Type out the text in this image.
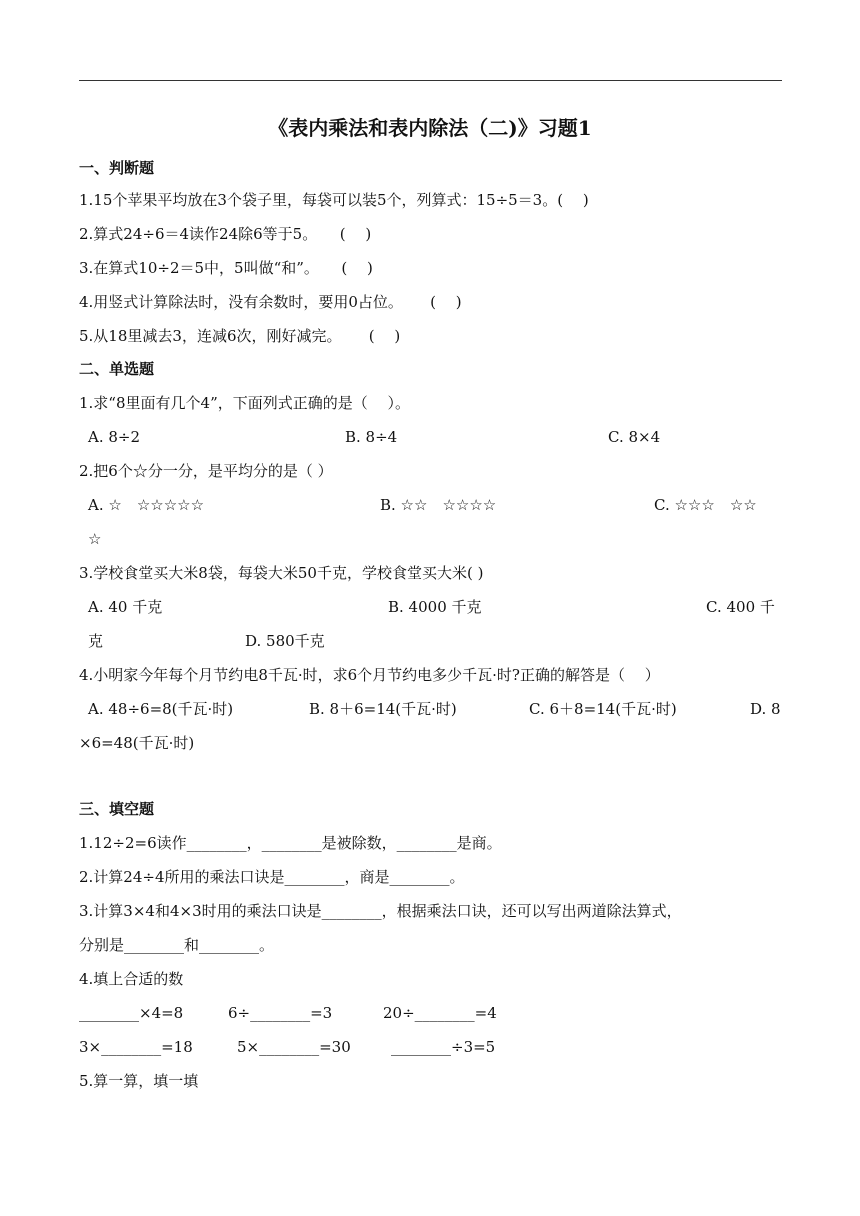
《表内乘法和表内除法（二)》习题1
一、判断题
1.15个苹果平均放在3个袋子里，每袋可以装5个，列算式：15÷5＝3。(　 )
2.算式24÷6＝4读作24除6等于5。　　(　 )
3.在算式10÷2＝5中，5叫做“和”。　　(　 )
4.用竖式计算除法时，没有余数时，要用0占位。　　 (　 )
5.从18里减去3，连减6次，刚好减完。　　 (　 )
二、单选题
1.求“8里面有几个4”，下面列式正确的是（　 ）。
A. 8÷2	B. 8÷4	C. 8×4
2.把6个☆分一分，是平均分的是（ ）
A. ☆　☆☆☆☆☆	B. ☆☆　☆☆☆☆	C. ☆☆☆　☆☆
☆
3.学校食堂买大米8袋，每袋大米50千克，学校食堂买大米( )
A. 40 千克	B. 4000 千克	C. 400 千
克	D. 580千克
4.小明家今年每个月节约电8千瓦·时，求6个月节约电多少千瓦·时?正确的解答是（　 ）
A. 48÷6=8(千瓦·时)	B. 8＋6=14(千瓦·时)	C. 6＋8=14(千瓦·时)	D. 8
×6=48(千瓦·时)
三、填空题
1.12÷2=6读作________，________是被除数，________是商。
2.计算24÷4所用的乘法口诀是________，商是________。
3.计算3×4和4×3时用的乘法口诀是________，根据乘法口诀，还可以写出两道除法算式，
分别是________和________。
4.填上合适的数
________×4=8	6÷________=3	20÷________=4
3×________=18	5×________=30	________÷3=5
5.算一算，填一填
